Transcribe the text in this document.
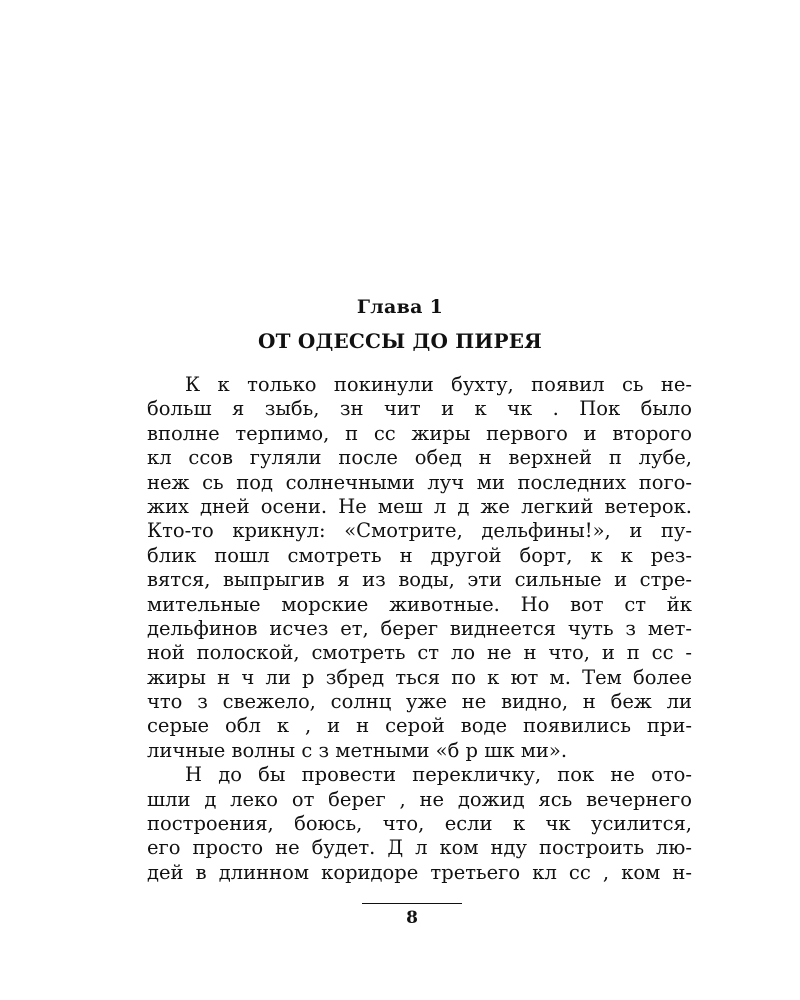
Глава 1
ОТ ОДЕССЫ ДО ПИРЕЯ
К к только покинули бухту, появил сь не-
больш я зыбь, зн чит и к чк . Пок было
вполне терпимо, п сс жиры первого и второго
кл ссов гуляли после обед н верхней п лубе,
неж сь под солнечными луч ми последних пого-
жих дней осени. Не меш л д же легкий ветерок.
Кто-то крикнул: «Смотрите, дельфины!», и пу-
блик пошл смотреть н другой борт, к к рез-
вятся, выпрыгив я из воды, эти сильные и стре-
мительные морские животные. Но вот ст йк
дельфинов исчез ет, берег виднеется чуть з мет-
ной полоской, смотреть ст ло не н что, и п сс -
жиры н ч ли р збред ться по к ют м. Тем более
что з свежело, солнц уже не видно, н беж ли
серые обл к , и н серой воде появились при-
личные волны с з метными «б р шк ми».
Н до бы провести перекличку, пок не ото-
шли д леко от берег , не дожид ясь вечернего
построения, боюсь, что, если к чк усилится,
его просто не будет. Д л ком нду построить лю-
дей в длинном коридоре третьего кл сс , ком н-
8
